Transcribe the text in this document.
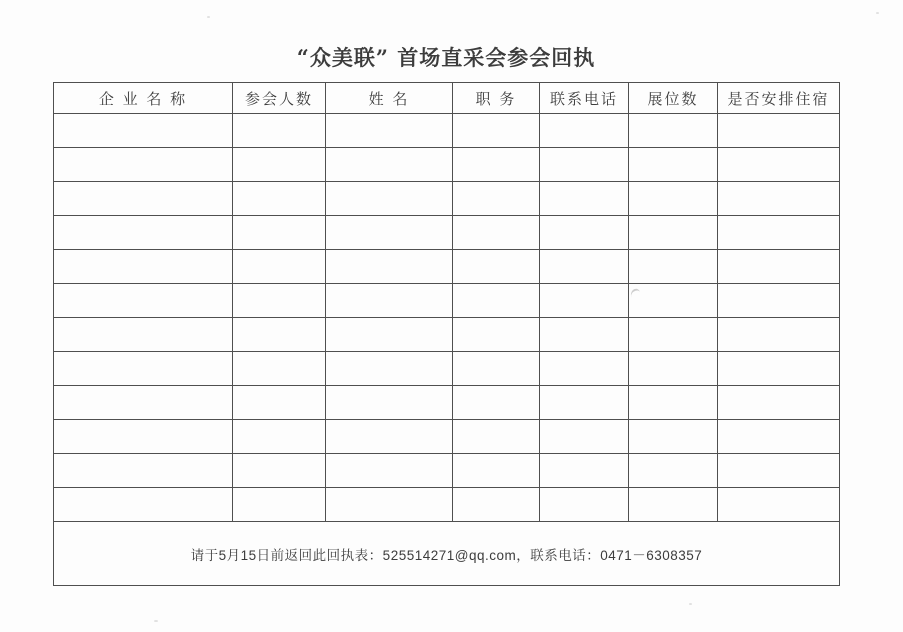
“众美联” 首场直采会参会回执
企 业 名 称	参会人数	姓 名	职 务	联系电话	展位数	是否安排住宿

请于5月15日前返回此回执表：525514271@qq.com，联系电话：0471－6308357						
